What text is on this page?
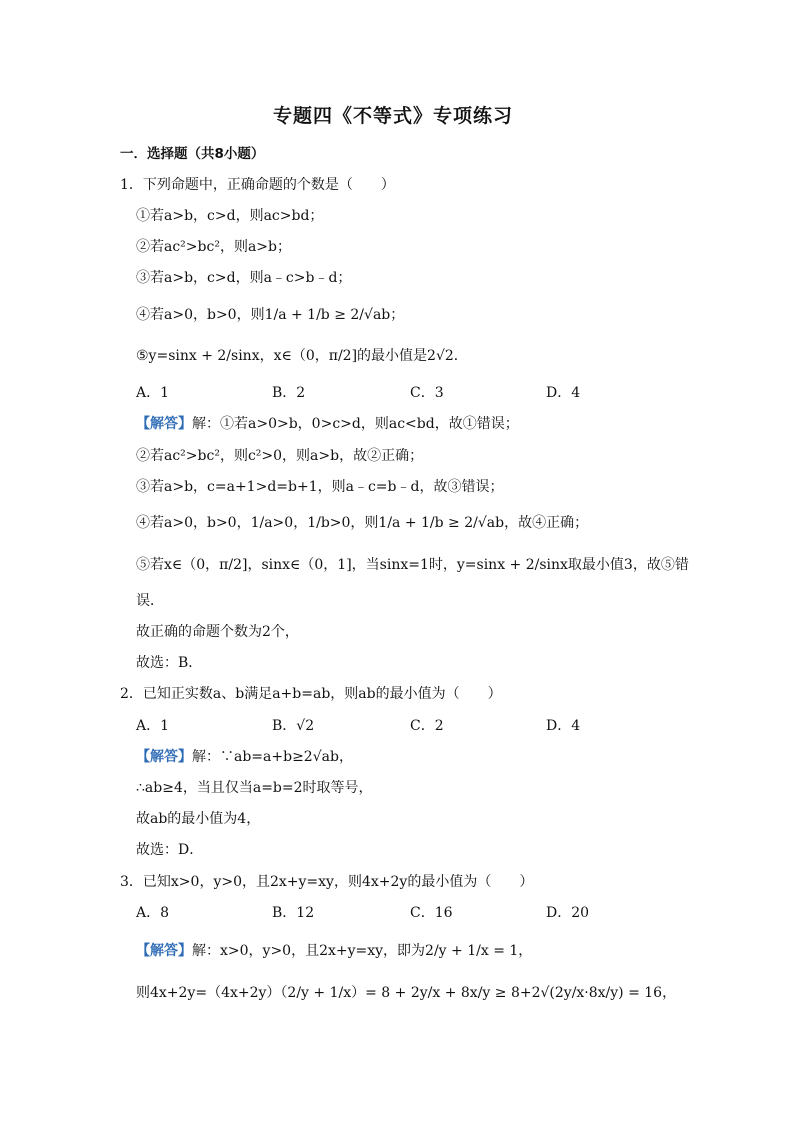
专题四《不等式》专项练习
一．选择题（共8小题）
1．下列命题中，正确命题的个数是（　　）
①若a>b，c>d，则ac>bd；
②若ac²>bc²，则a>b；
③若a>b，c>d，则a﹣c>b﹣d；
④若a>0，b>0，则1/a + 1/b ≥ 2/√ab；
⑤y=sinx + 2/sinx，x∈（0，π/2]的最小值是2√2．
A．1	B．2	C．3	D．4
【解答】解：①若a>0>b，0>c>d，则ac<bd，故①错误；
②若ac²>bc²，则c²>0，则a>b，故②正确；
③若a>b，c=a+1>d=b+1，则a﹣c=b﹣d，故③错误；
④若a>0，b>0，1/a>0，1/b>0，则1/a + 1/b ≥ 2/√ab，故④正确；
⑤若x∈（0，π/2]，sinx∈（0，1]，当sinx=1时，y=sinx + 2/sinx取最小值3，故⑤错
误．
故正确的命题个数为2个，
故选：B．
2．已知正实数a、b满足a+b=ab，则ab的最小值为（　　）
A．1	B．√2	C．2	D．4
【解答】解：∵ab=a+b≥2√ab，
∴ab≥4，当且仅当a=b=2时取等号，
故ab的最小值为4，
故选：D．
3．已知x>0，y>0，且2x+y=xy，则4x+2y的最小值为（　　）
A．8	B．12	C．16	D．20
【解答】解：x>0，y>0，且2x+y=xy，即为2/y + 1/x = 1，
则4x+2y=（4x+2y）（2/y + 1/x）= 8 + 2y/x + 8x/y ≥ 8+2√(2y/x·8x/y) = 16，
